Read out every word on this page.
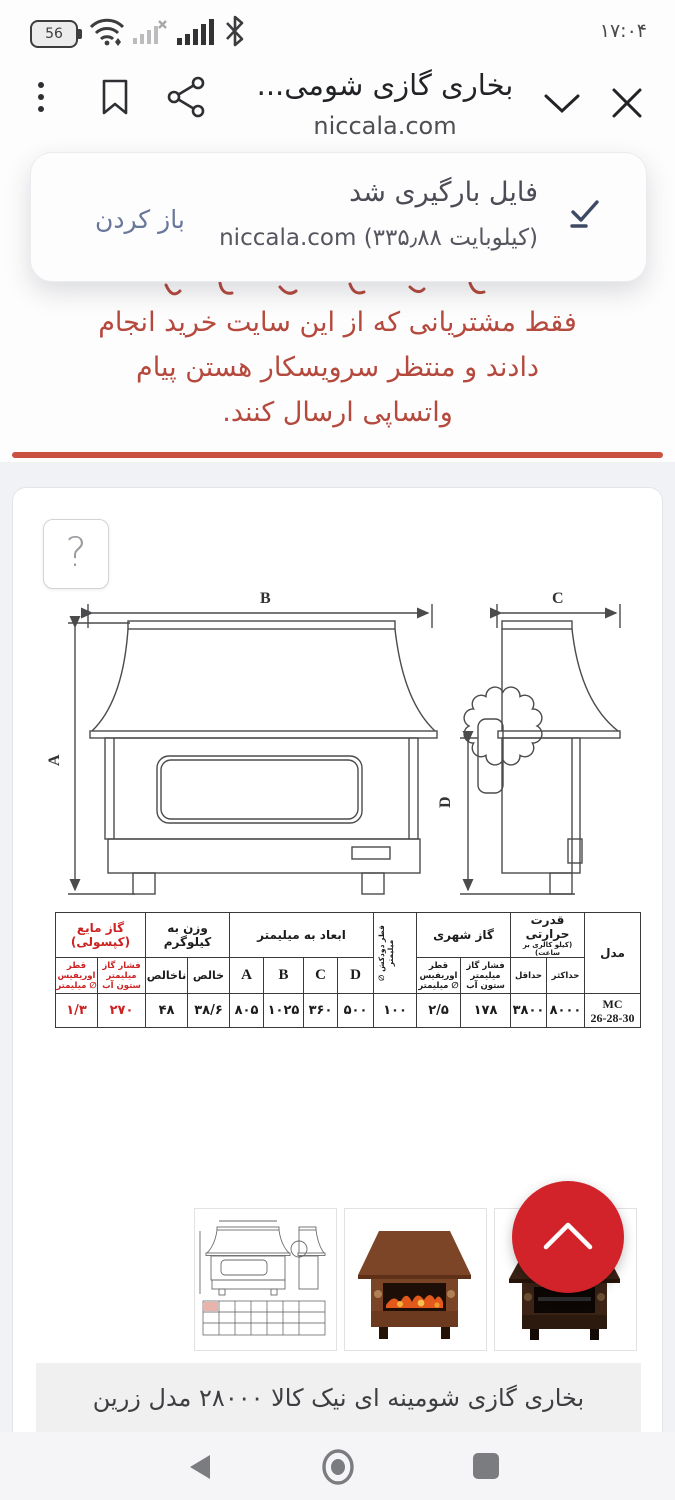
56	۱۷:۰۴
بخاری گازی شومی...
niccala.com
فقط مشتریانی که از این سایت خرید انجام
دادند و منتظر سرویسکار هستن پیام
واتساپی ارسال کنند.
فایل بارگیری شد
niccala.com (۳۳۵٫۸۸ کیلوبایت)
باز کردن
?
B
A
C
D
گاز مایع (کپسولی)		وزن به کیلوگرم		ابعاد به میلیمتر				قطر دودکش ∅ میلیمتر	گاز شهری		قدرت حرارتی
(کیلو کالری بر ساعت)		مدل
قطر اوریفیس ∅ میلیمتر	فشار گاز میلیمتر ستون آب	ناخالص	خالص	A	B	C	D		قطر اوریفیس ∅ میلیمتر	فشار گاز میلیمتر ستون آب	حداقل	حداکثر	
۱/۳	۲۷۰	۴۸	۳۸/۶	۸۰۵	۱۰۲۵	۳۶۰	۵۰۰	۱۰۰	۲/۵	۱۷۸	۳۸۰۰	۸۰۰۰	MC
26-28-30
بخاری گازی شومینه ای نیک کالا ۲۸۰۰۰ مدل زرین
